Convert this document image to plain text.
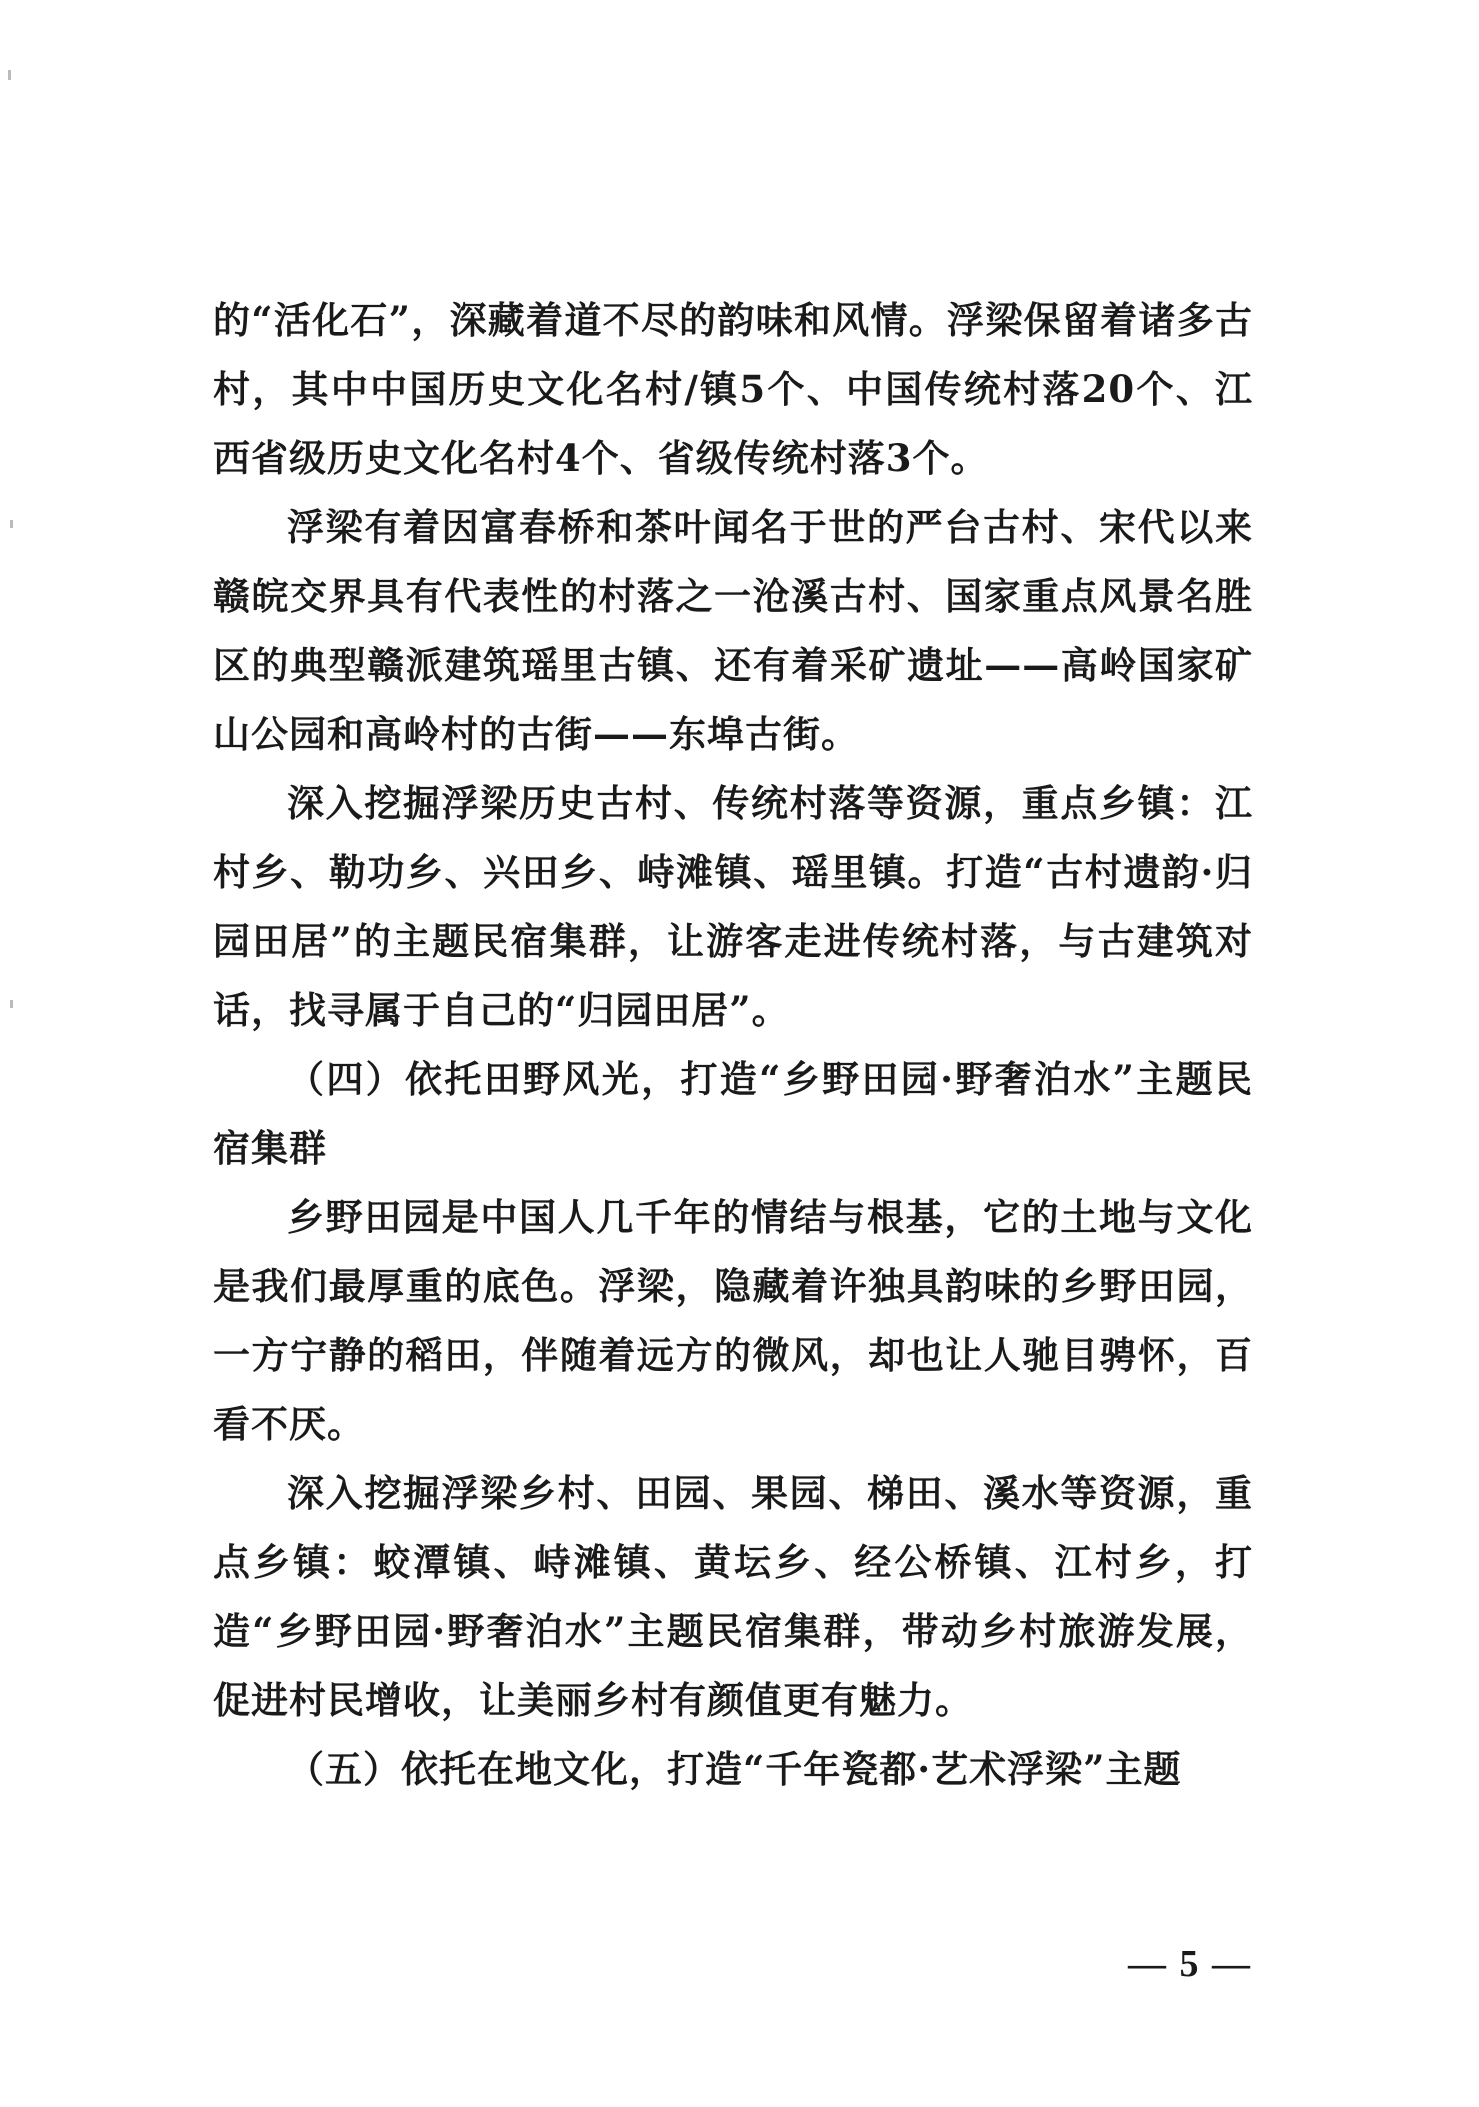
的“活化石”，深藏着道不尽的韵味和风情。浮梁保留着诸多古村，其中中国历史文化名村/镇5个、中国传统村落20个、江西省级历史文化名村4个、省级传统村落3个。

浮梁有着因富春桥和茶叶闻名于世的严台古村、宋代以来赣皖交界具有代表性的村落之一沧溪古村、国家重点风景名胜区的典型赣派建筑瑶里古镇、还有着采矿遗址——高岭国家矿山公园和高岭村的古街——东埠古街。

深入挖掘浮梁历史古村、传统村落等资源，重点乡镇：江村乡、勒功乡、兴田乡、峙滩镇、瑶里镇。打造“古村遗韵·归园田居”的主题民宿集群，让游客走进传统村落，与古建筑对话，找寻属于自己的“归园田居”。

（四）依托田野风光，打造“乡野田园·野奢泊水”主题民宿集群

乡野田园是中国人几千年的情结与根基，它的土地与文化是我们最厚重的底色。浮梁，隐藏着许独具韵味的乡野田园，一方宁静的稻田，伴随着远方的微风，却也让人驰目骋怀，百看不厌。

深入挖掘浮梁乡村、田园、果园、梯田、溪水等资源，重点乡镇：蛟潭镇、峙滩镇、黄坛乡、经公桥镇、江村乡，打造“乡野田园·野奢泊水”主题民宿集群，带动乡村旅游发展，促进村民增收，让美丽乡村有颜值更有魅力。

（五）依托在地文化，打造“千年瓷都·艺术浮梁”主题

— 5 —
